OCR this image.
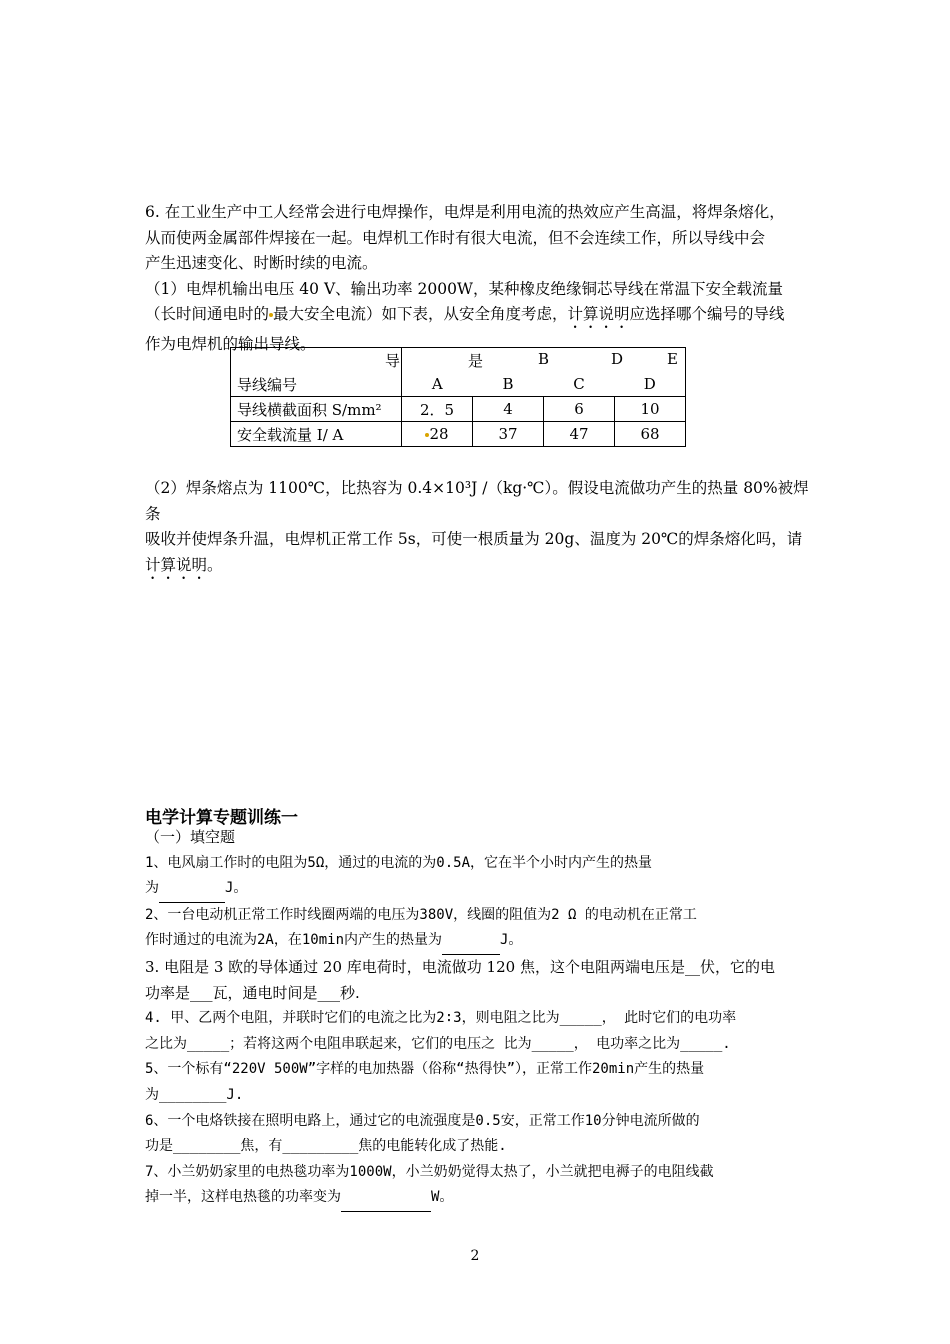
6. 在工业生产中工人经常会进行电焊操作，电焊是利用电流的热效应产生高温，将焊条熔化，
从而使两金属部件焊接在一起。电焊机工作时有很大电流，但不会连续工作，所以导线中会
产生迅速变化、时断时续的电流。
（1）电焊机输出电压 40 V、输出功率 2000W，某种橡皮绝缘铜芯导线在常温下安全载流量
（长时间通电时的 最大安全电流）如下表，从安全角度考虑，计算说明应选择哪个编号的导线
作为电焊机的输出导线。
导	是	B	D	E

导线编号	A	B	C	D
导线横截面积 S/mm²	2．5	4	6	10
安全载流量 I/ A	28	37	47	68
（2）焊条熔点为 1100℃，比热容为 0.4×10³J /（kg·℃）。假设电流做功产生的热量 80%被焊条
吸收并使焊条升温，电焊机正常工作 5s，可使一根质量为 20g、温度为 20℃的焊条熔化吗，请
计算说明。
电学计算专题训练一
（一）填空题
1、电风扇工作时的电阻为5Ω，通过的电流的为0.5A，它在半个小时内产生的热量
为	J。
2、一台电动机正常工作时线圈两端的电压为380V，线圈的阻值为2 Ω 的电动机在正常工
作时通过的电流为2A，在10min内产生的热量为	J。
3. 电阻是 3 欧的导体通过 20 库电荷时，电流做功 120 焦，这个电阻两端电压是__伏，它的电
功率是___瓦，通电时间是___秒.
4. 甲、乙两个电阻，并联时它们的电流之比为2∶3，则电阻之比为_____， 此时它们的电功率
之比为_____；若将这两个电阻串联起来，它们的电压之 比为_____， 电功率之比为_____.
5、一个标有“220V 500W”字样的电加热器（俗称“热得快”），正常工作20min产生的热量
为________J.
6、一个电烙铁接在照明电路上，通过它的电流强度是0.5安，正常工作10分钟电流所做的
功是________焦，有_________焦的电能转化成了热能.
7、小兰奶奶家里的电热毯功率为1000W，小兰奶奶觉得太热了，小兰就把电褥子的电阻线截
掉一半，这样电热毯的功率变为	W。
2
